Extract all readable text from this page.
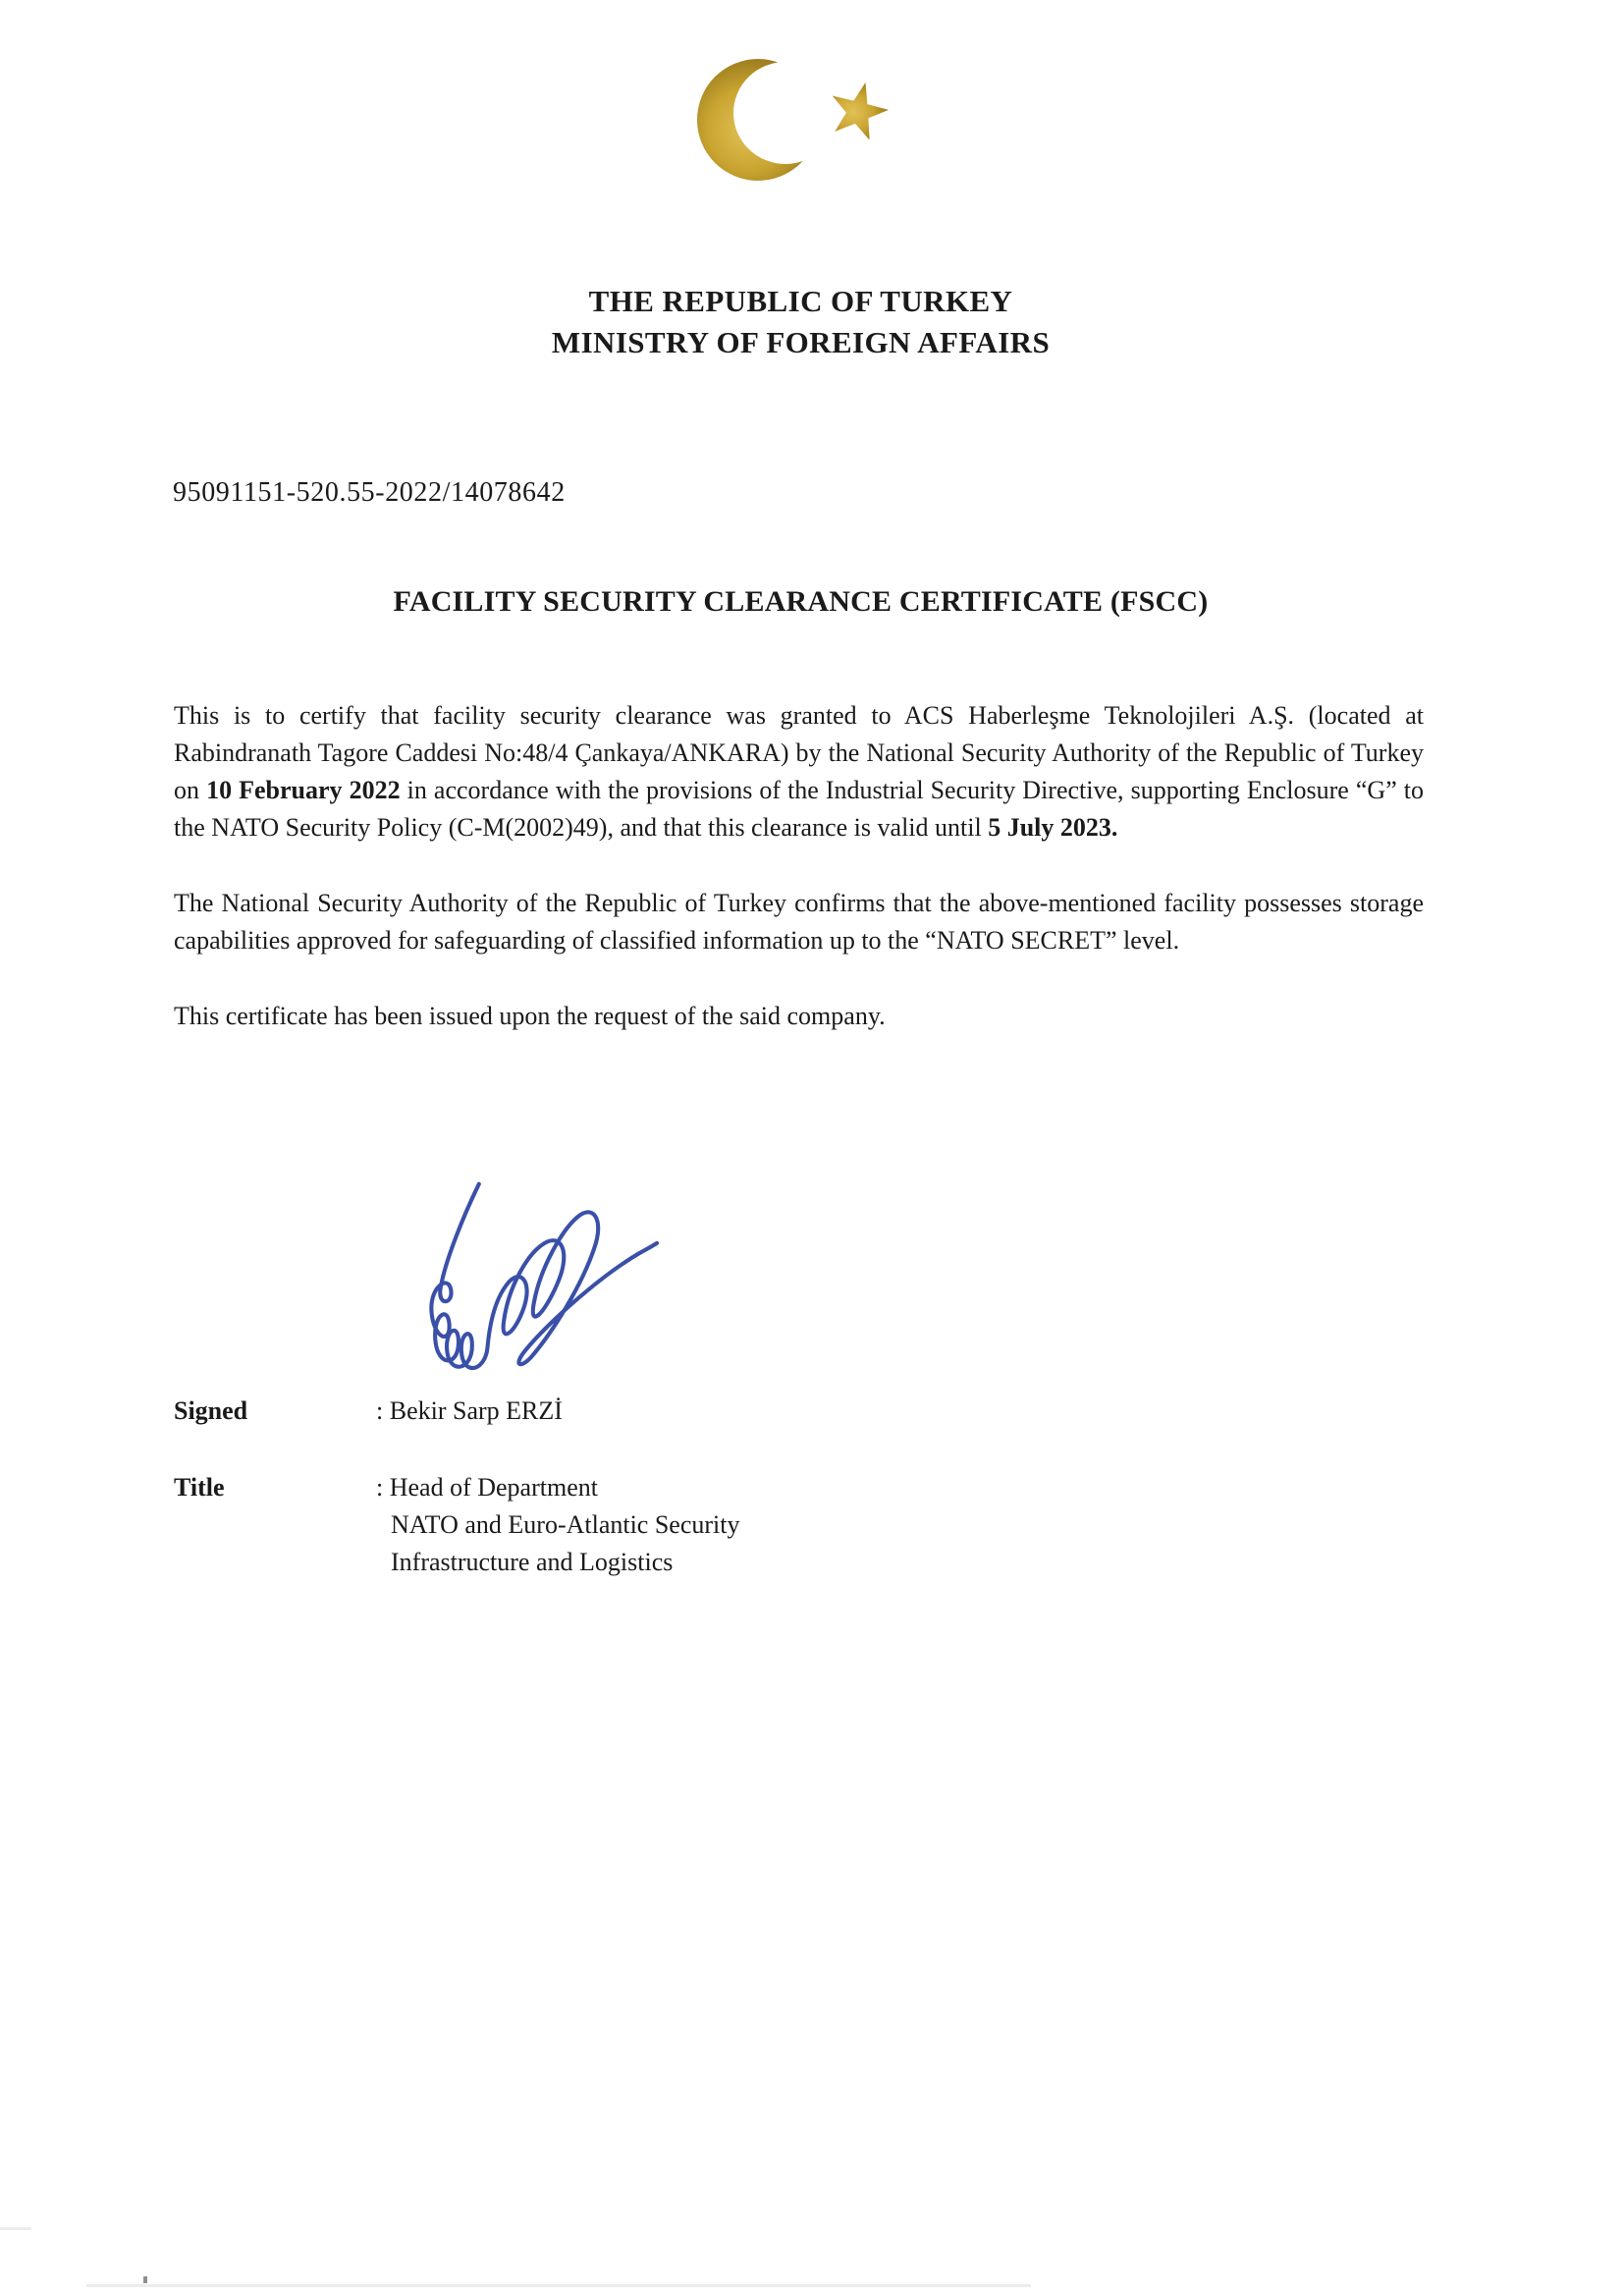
THE REPUBLIC OF TURKEY
MINISTRY OF FOREIGN AFFAIRS
95091151-520.55-2022/14078642
FACILITY SECURITY CLEARANCE CERTIFICATE (FSCC)

This is to certify that facility security clearance was granted to ACS Haberleşme Teknolojileri A.Ş. (located at Rabindranath Tagore Caddesi No:48/4 Çankaya/ANKARA) by the National Security Authority of the Republic of Turkey on 10 February 2022 in accordance with the provisions of the Industrial Security Directive, supporting Enclosure “G” to the NATO Security Policy (C-M(2002)49), and that this clearance is valid until 5 July 2023.

The National Security Authority of the Republic of Turkey confirms that the above-mentioned facility possesses storage capabilities approved for safeguarding of classified information up to the “NATO SECRET” level.

This certificate has been issued upon the request of the said company.

Signed	: Bekir Sarp ERZİ
Title	: Head of Department
NATO and Euro-Atlantic Security
Infrastructure and Logistics
